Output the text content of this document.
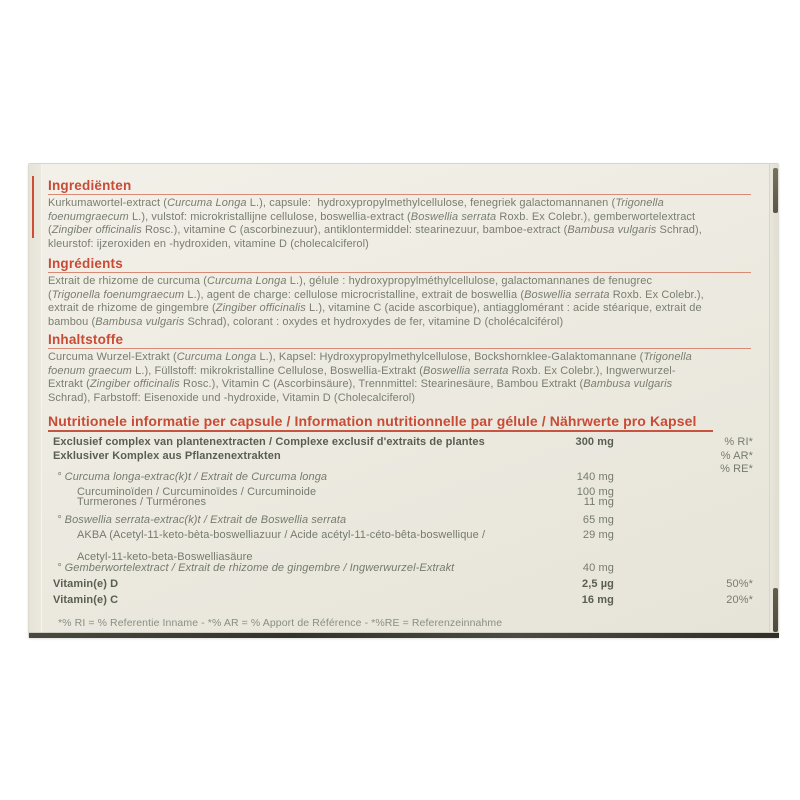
Ingrediënten
Kurkumawortel-extract (Curcuma Longa L.), capsule:  hydroxypropylmethylcellulose, fenegriek galactomannanen (Trigonella
foenumgraecum L.), vulstof: microkristallijne cellulose, boswellia-extract (Boswellia serrata Roxb. Ex Colebr.), gemberwortelextract
(Zingiber officinalis Rosc.), vitamine C (ascorbinezuur), antiklontermiddel: stearinezuur, bamboe-extract (Bambusa vulgaris Schrad),
kleurstof: ijzeroxiden en -hydroxiden, vitamine D (cholecalciferol)
Ingrédients
Extrait de rhizome de curcuma (Curcuma Longa L.), gélule : hydroxypropylméthylcellulose, galactomannanes de fenugrec
(Trigonella foenumgraecum L.), agent de charge: cellulose microcristalline, extrait de boswellia (Boswellia serrata Roxb. Ex Colebr.),
extrait de rhizome de gingembre (Zingiber officinalis L.), vitamine C (acide ascorbique), antiagglomérant : acide stéarique, extrait de
bambou (Bambusa vulgaris Schrad), colorant : oxydes et hydroxydes de fer, vitamine D (cholécalciférol)
Inhaltstoffe
Curcuma Wurzel-Extrakt (Curcuma Longa L.), Kapsel: Hydroxypropylmethylcellulose, Bockshornklee-Galaktomannane (Trigonella
foenum graecum L.), Füllstoff: mikrokristalline Cellulose, Boswellia-Extrakt (Boswellia serrata Roxb. Ex Colebr.), Ingwerwurzel-
Extrakt (Zingiber officinalis Rosc.), Vitamin C (Ascorbinsäure), Trennmittel: Stearinesäure, Bambou Extrakt (Bambusa vulgaris
Schrad), Farbstoff: Eisenoxide und -hydroxide, Vitamin D (Cholecalciferol)
Nutritionele informatie per capsule / Information nutritionnelle par gélule / Nährwerte pro Kapsel
Exclusief complex van plantenextracten / Complexe exclusif d'extraits de plantes	300 mg	% RI*
Exklusiver Komplex aus Pflanzenextrakten	% AR*
% RE*
° Curcuma longa-extrac(k)t / Extrait de Curcuma longa	140 mg
Curcuminoïden / Curcuminoïdes / Curcuminoide	100 mg
Turmerones / Turmérones	11 mg
° Boswellia serrata-extrac(k)t / Extrait de Boswellia serrata	65 mg
AKBA (Acetyl-11-keto-bèta-boswelliazuur / Acide acétyl-11-céto-bêta-boswellique /	29 mg
Acetyl-11-keto-beta-Boswelliasäure
° Gemberwortelextract / Extrait de rhizome de gingembre / Ingwerwurzel-Extrakt	40 mg
Vitamin(e) D	2,5 µg	50%*
Vitamin(e) C	16 mg	20%*
*% RI = % Referentie Inname - *% AR = % Apport de Référence - *%RE = Referenzeinnahme
